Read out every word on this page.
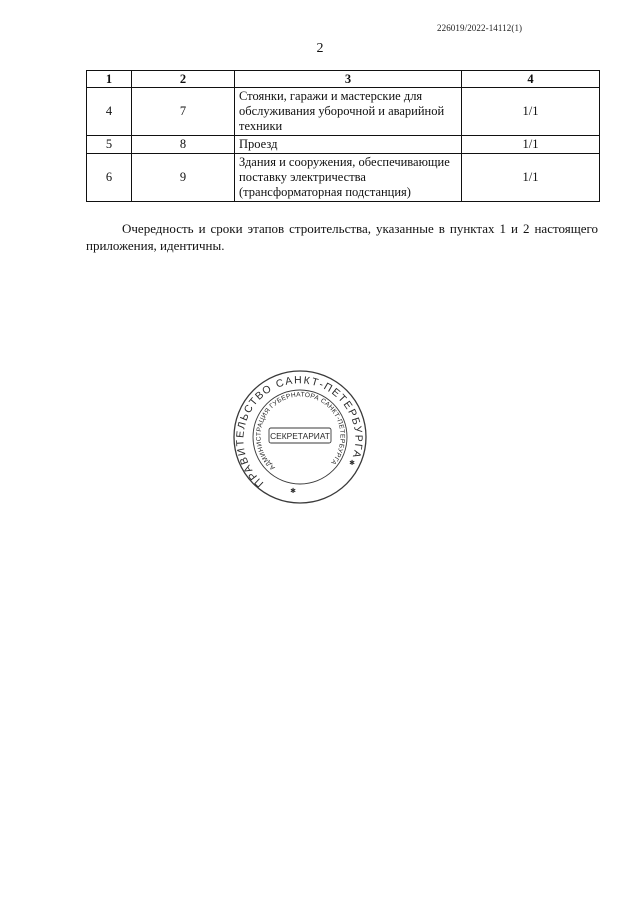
226019/2022-14112(1)
2
1	2	3	4
4	7	Стоянки, гаражи и мастерские для обслуживания уборочной и аварийной техники	1/1
5	8	Проезд	1/1
6	9	Здания и сооружения, обеспечивающие поставку электричества (трансформаторная подстанция)	1/1

Очередность и сроки этапов строительства, указанные в пунктах 1 и 2 настоящего приложения, идентичны.

ПРАВИТЕЛЬСТВО САНКТ-ПЕТЕРБУРГА
АДМИНИСТРАЦИЯ ГУБЕРНАТОРА САНКТ-ПЕТЕРБУРГА
СЕКРЕТАРИАТ
✱
✱
